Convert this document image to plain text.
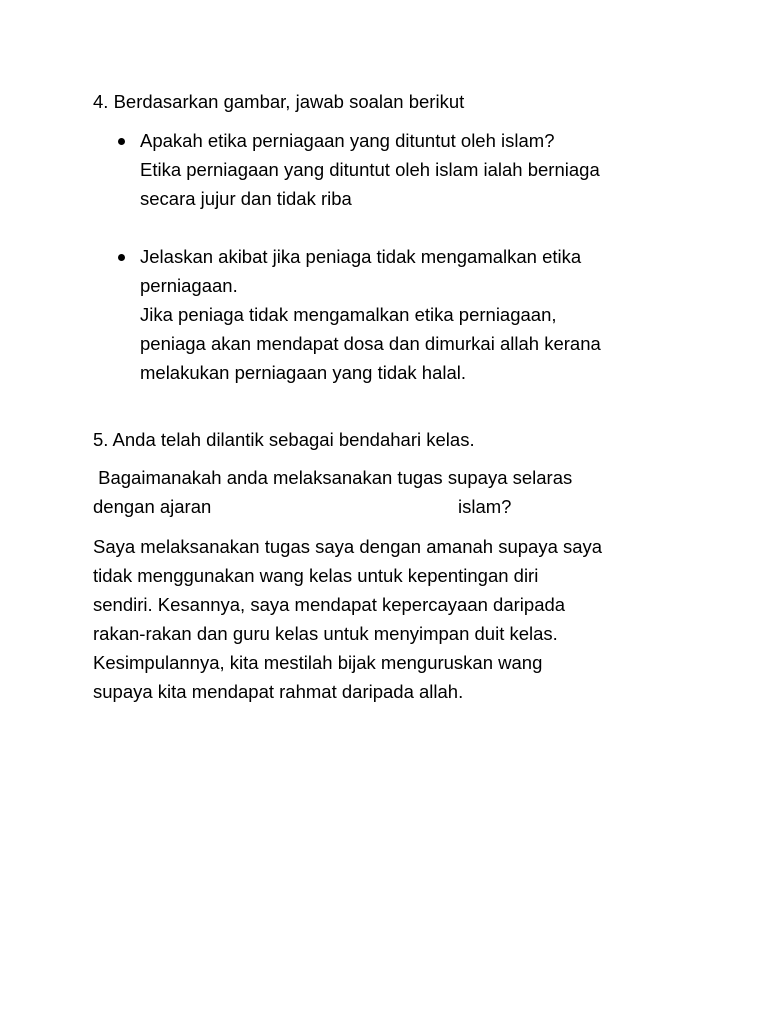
4. Berdasarkan gambar, jawab soalan berikut
Apakah etika perniagaan yang dituntut oleh islam?
Etika perniagaan yang dituntut oleh islam ialah berniaga
secara jujur dan tidak riba
Jelaskan akibat jika peniaga tidak mengamalkan etika
perniagaan.
Jika peniaga tidak mengamalkan etika perniagaan,
peniaga akan mendapat dosa dan dimurkai allah kerana
melakukan perniagaan yang tidak halal.
5. Anda telah dilantik sebagai bendahari kelas.
Bagaimanakah anda melaksanakan tugas supaya selaras
dengan ajaran	islam?
Saya melaksanakan tugas saya dengan amanah supaya saya
tidak menggunakan wang kelas untuk kepentingan diri
sendiri. Kesannya, saya mendapat kepercayaan daripada
rakan-rakan dan guru kelas untuk menyimpan duit kelas.
Kesimpulannya, kita mestilah bijak menguruskan wang
supaya kita mendapat rahmat daripada allah.
